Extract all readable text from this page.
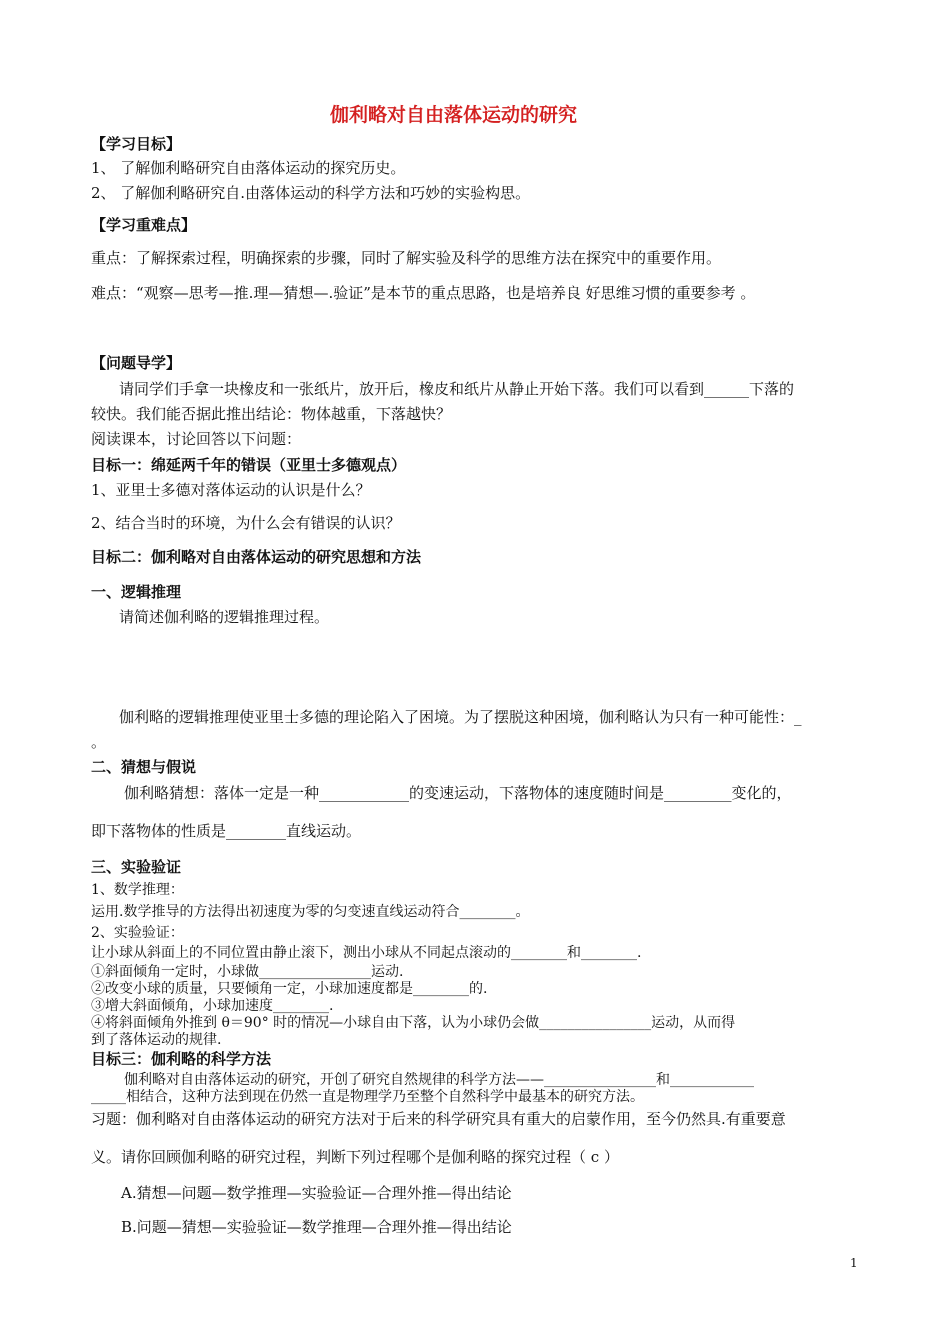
伽利略对自由落体运动的研究
【学习目标】
1、 了解伽利略研究自由落体运动的探究历史。
2、 了解伽利略研究自.由落体运动的科学方法和巧妙的实验构思。
【学习重难点】
重点：了解探索过程，明确探索的步骤，同时了解实验及科学的思维方法在探究中的重要作用。
难点：“观察—思考—推.理—猜想—.验证”是本节的重点思路，也是培养良 好思维习惯的重要参考 。
【问题导学】
请同学们手拿一块橡皮和一张纸片，放开后，橡皮和纸片从静止开始下落。我们可以看到______下落的
较快。我们能否据此推出结论：物体越重，下落越快？
阅读课本，讨论回答以下问题：
目标一：绵延两千年的错误（亚里士多德观点）
1、亚里士多德对落体运动的认识是什么？
2、结合当时的环境，为什么会有错误的认识？
目标二：伽利略对自由落体运动的研究思想和方法
一、逻辑推理
请简述伽利略的逻辑推理过程。
伽利略的逻辑推理使亚里士多德的理论陷入了困境。为了摆脱这种困境，伽利略认为只有一种可能性：_
。
二、猜想与假说
伽利略猜想：落体一定是一种____________的变速运动，下落物体的速度随时间是_________变化的，
即下落物体的性质是________直线运动。
三、实验验证
1、数学推理：
运用.数学推导的方法得出初速度为零的匀变速直线运动符合________。
2、实验验证：
让小球从斜面上的不同位置由静止滚下，测出小球从不同起点滚动的________和________.
①斜面倾角一定时，小球做________________运动.
②改变小球的质量，只要倾角一定，小球加速度都是________的.
③增大斜面倾角，小球加速度________.
④将斜面倾角外推到 θ＝90° 时的情况—小球自由下落，认为小球仍会做________________运动，从而得
到了落体运动的规律.
目标三：伽利略的科学方法
伽利略对自由落体运动的研究，开创了研究自然规律的科学方法——________________和____________
_____相结合，这种方法到现在仍然一直是物理学乃至整个自然科学中最基本的研究方法。
习题：伽利略对自由落体运动的研究方法对于后来的科学研究具有重大的启蒙作用，至今仍然具.有重要意
义。请你回顾伽利略的研究过程，判断下列过程哪个是伽利略的探究过程（ c ）
A.猜想—问题—数学推理—实验验证—合理外推—得出结论
B.问题—猜想—实验验证—数学推理—合理外推—得出结论
1
